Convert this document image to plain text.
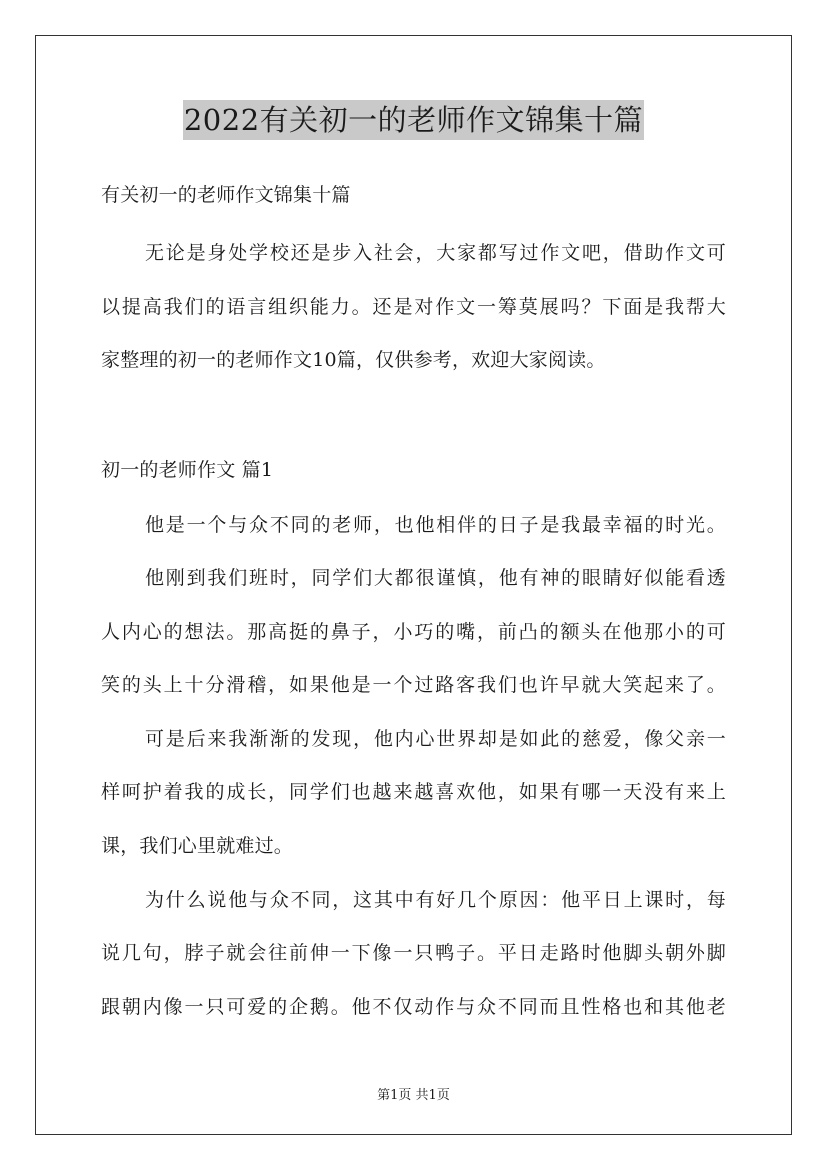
2022有关初一的老师作文锦集十篇
有关初一的老师作文锦集十篇
无论是身处学校还是步入社会，大家都写过作文吧，借助作文可
以提高我们的语言组织能力。还是对作文一筹莫展吗？下面是我帮大
家整理的初一的老师作文10篇，仅供参考，欢迎大家阅读。
初一的老师作文 篇1
他是一个与众不同的老师，也他相伴的日子是我最幸福的时光。
他刚到我们班时，同学们大都很谨慎，他有神的眼睛好似能看透
人内心的想法。那高挺的鼻子，小巧的嘴，前凸的额头在他那小的可
笑的头上十分滑稽，如果他是一个过路客我们也许早就大笑起来了。
可是后来我渐渐的发现，他内心世界却是如此的慈爱，像父亲一
样呵护着我的成长，同学们也越来越喜欢他，如果有哪一天没有来上
课，我们心里就难过。
为什么说他与众不同，这其中有好几个原因：他平日上课时，每
说几句，脖子就会往前伸一下像一只鸭子。平日走路时他脚头朝外脚
跟朝内像一只可爱的企鹅。他不仅动作与众不同而且性格也和其他老
第1页 共1页
